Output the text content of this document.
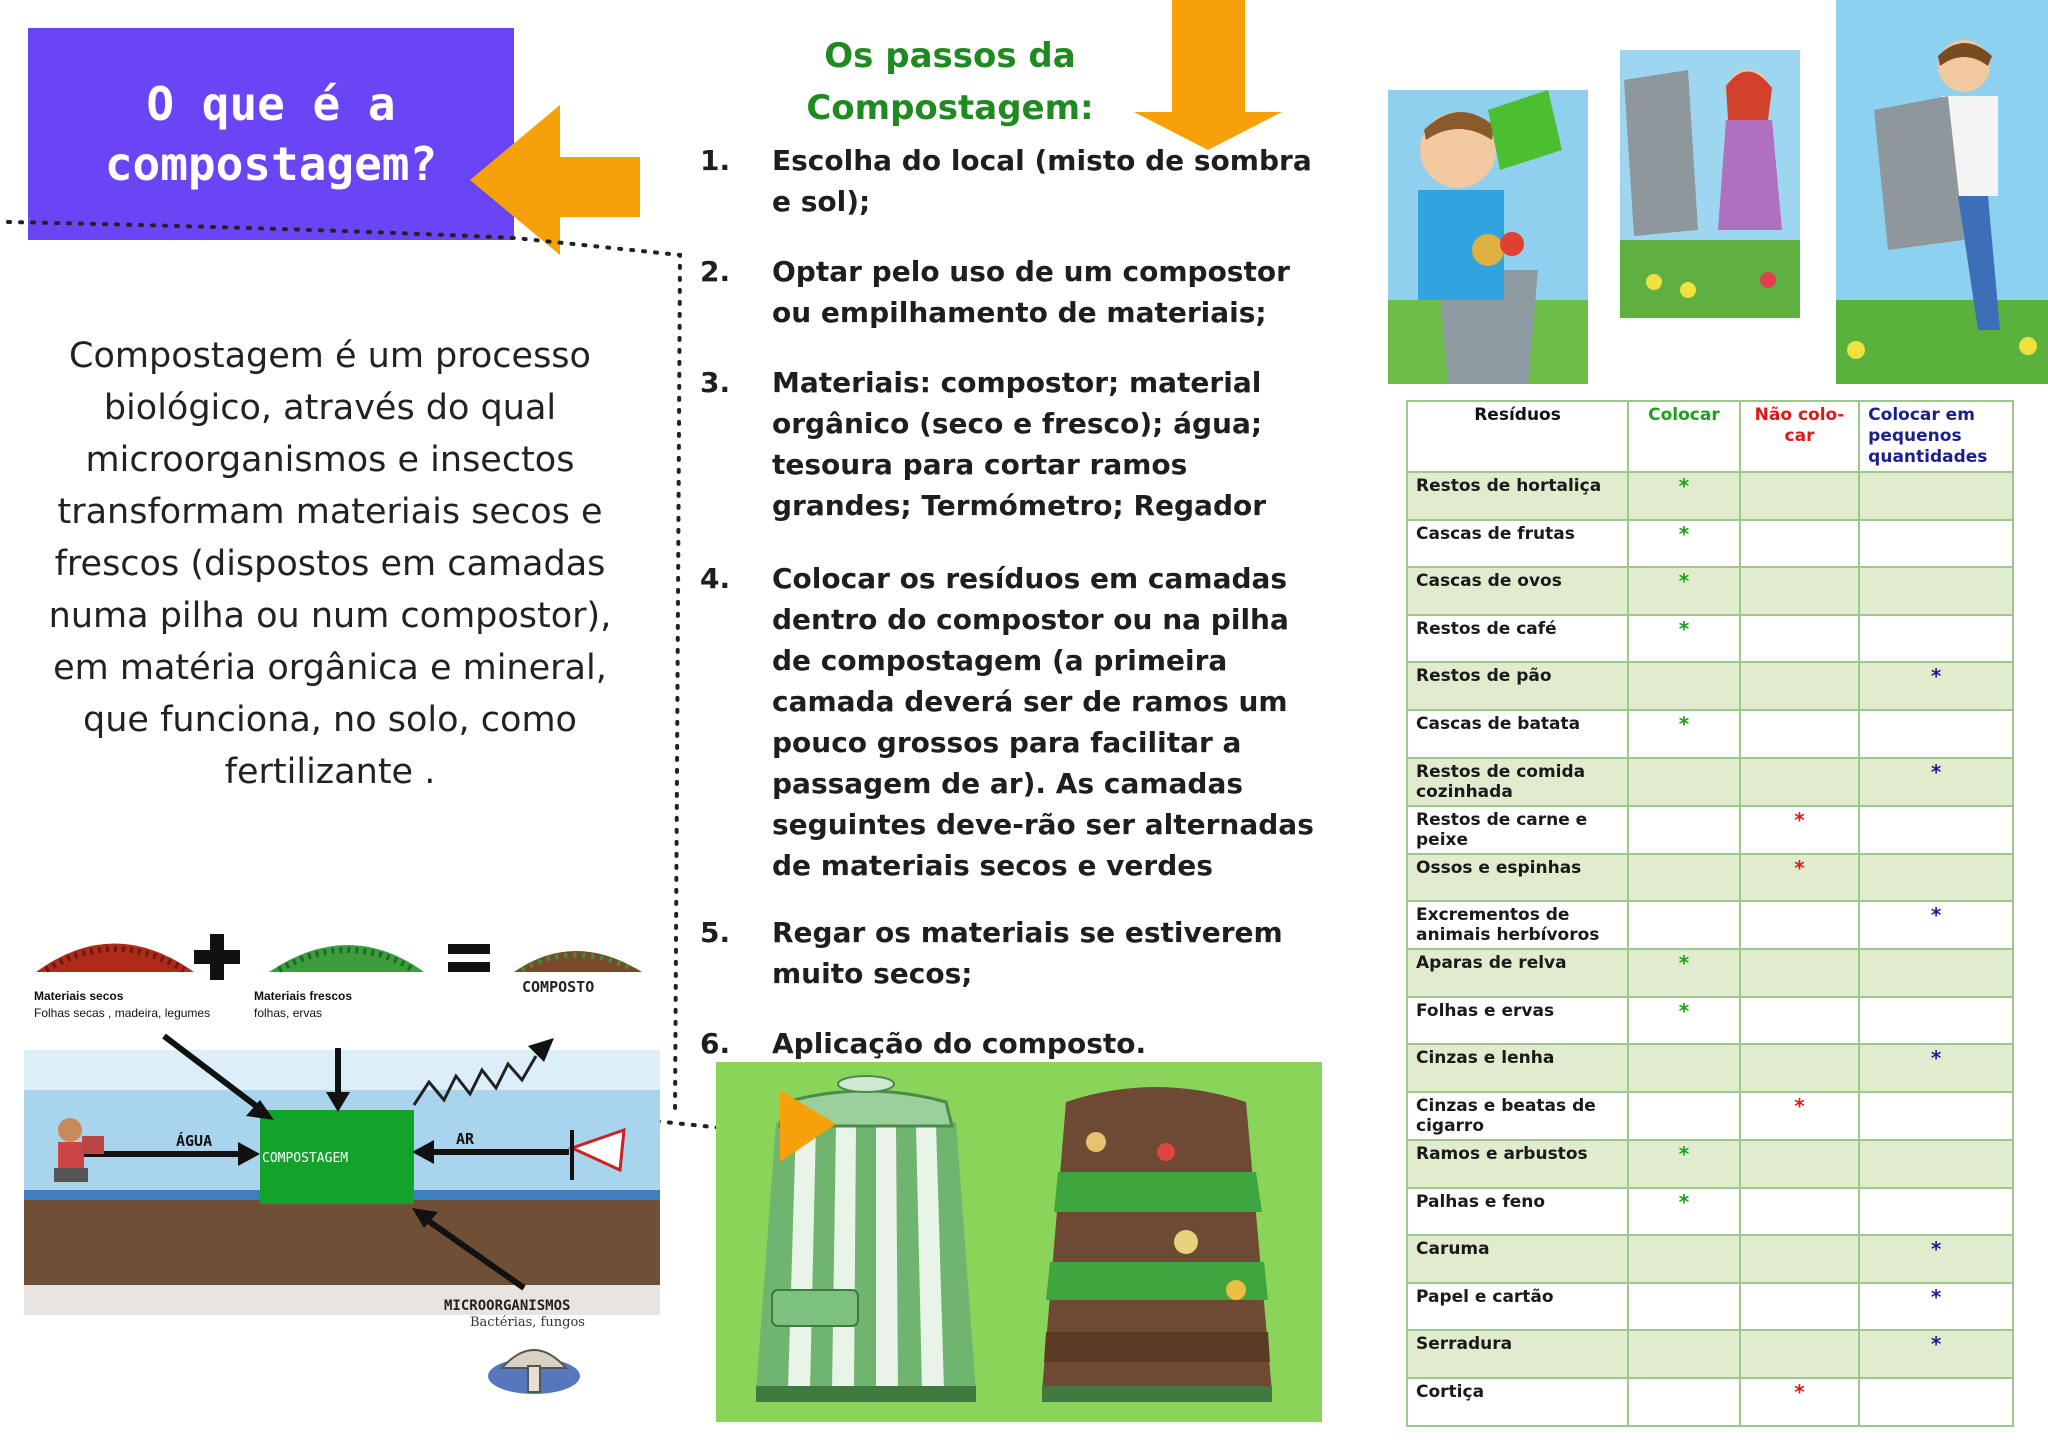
O que é a compostagem?

Compostagem é um processo biológico, através do qual microorganismos e insectos transformam materiais secos e frescos (dispostos em camadas numa pilha ou num compostor), em matéria orgânica e mineral, que funciona, no solo, como fertilizante .

Materiais secos
Folhas secas , madeira, legumes
Materiais frescos
folhas, ervas
COMPOSTO
COMPOSTAGEM
ÁGUA	AR
MICROORGANISMOS
Bactérias, fungos
Os passos da Compostagem:
1.	Escolha do local (misto de sombra e sol);
2.	Optar pelo uso de um compostor ou empilhamento de materiais;
3.	Materiais: compostor; material orgânico (seco e fresco); água; tesoura para cortar ramos grandes; Termómetro; Regador
4.	Colocar os resíduos em camadas dentro do compostor ou na pilha de compostagem (a primeira camada deverá ser de ramos um pouco grossos para facilitar a passagem de ar). As camadas seguintes deve-rão ser alternadas de materiais secos e verdes
5.	Regar os materiais se estiverem muito secos;
6.	Aplicação do composto.
Resíduos	Colocar	Não colo-car	Colocar em pequenos quantidades
Restos de hortaliça	*		
Cascas de frutas	*		
Cascas de ovos	*		
Restos de café	*		
Restos de pão			*
Cascas de batata	*		
Restos de comida cozinhada			*
Restos de carne e peixe		*	
Ossos e espinhas		*	
Excrementos de animais herbívoros			*
Aparas de relva	*		
Folhas e ervas	*		
Cinzas e lenha			*
Cinzas e beatas de cigarro		*	
Ramos e arbustos	*		
Palhas e feno	*		
Caruma			*
Papel e cartão			*
Serradura			*
Cortiça		*	
